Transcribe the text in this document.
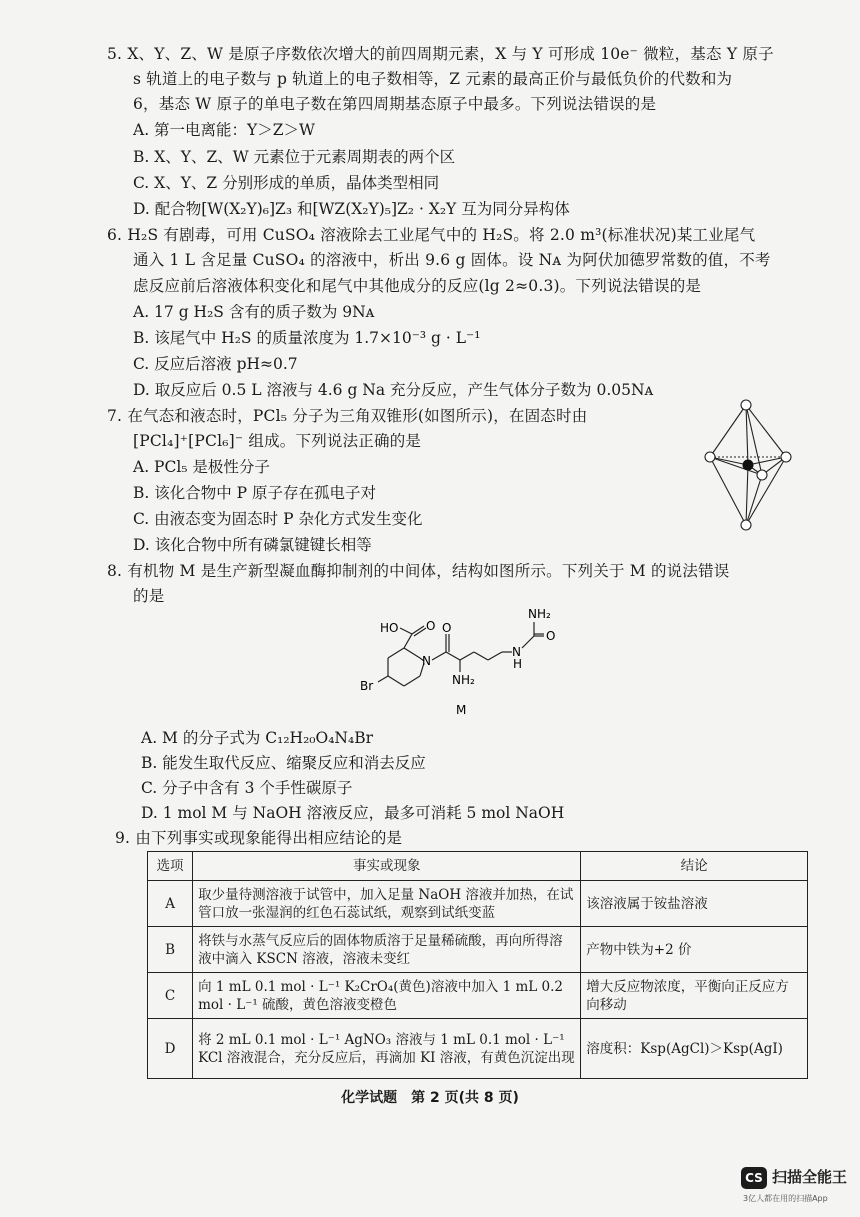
5. X、Y、Z、W 是原子序数依次增大的前四周期元素，X 与 Y 可形成 10e⁻ 微粒，基态 Y 原子
s 轨道上的电子数与 p 轨道上的电子数相等，Z 元素的最高正价与最低负价的代数和为
6，基态 W 原子的单电子数在第四周期基态原子中最多。下列说法错误的是
A. 第一电离能：Y＞Z＞W
B. X、Y、Z、W 元素位于元素周期表的两个区
C. X、Y、Z 分别形成的单质，晶体类型相同
D. 配合物[W(X₂Y)₆]Z₃ 和[WZ(X₂Y)₅]Z₂ · X₂Y 互为同分异构体
6. H₂S 有剧毒，可用 CuSO₄ 溶液除去工业尾气中的 H₂S。将 2.0 m³(标准状况)某工业尾气
通入 1 L 含足量 CuSO₄ 的溶液中，析出 9.6 g 固体。设 Nᴀ 为阿伏加德罗常数的值，不考
虑反应前后溶液体积变化和尾气中其他成分的反应(lg 2≈0.3)。下列说法错误的是
A. 17 g H₂S 含有的质子数为 9Nᴀ
B. 该尾气中 H₂S 的质量浓度为 1.7×10⁻³ g · L⁻¹
C. 反应后溶液 pH≈0.7
D. 取反应后 0.5 L 溶液与 4.6 g Na 充分反应，产生气体分子数为 0.05Nᴀ
7. 在气态和液态时，PCl₅ 分子为三角双锥形(如图所示)，在固态时由
[PCl₄]⁺[PCl₆]⁻ 组成。下列说法正确的是
A. PCl₅ 是极性分子
B. 该化合物中 P 原子存在孤电子对
C. 由液态变为固态时 P 杂化方式发生变化
D. 该化合物中所有磷氯键键长相等
8. 有机物 M 是生产新型凝血酶抑制剂的中间体，结构如图所示。下列关于 M 的说法错误
的是
HO O O
O
N
NH₂
N
H
NH₂
Br
M
A. M 的分子式为 C₁₂H₂₀O₄N₄Br
B. 能发生取代反应、缩聚反应和消去反应
C. 分子中含有 3 个手性碳原子
D. 1 mol M 与 NaOH 溶液反应，最多可消耗 5 mol NaOH
9. 由下列事实或现象能得出相应结论的是
选项	事实或现象	结论
A	取少量待测溶液于试管中，加入足量 NaOH 溶液并加热，在试管口放一张湿润的红色石蕊试纸，观察到试纸变蓝	该溶液属于铵盐溶液
B	将铁与水蒸气反应后的固体物质溶于足量稀硫酸，再向所得溶液中滴入 KSCN 溶液，溶液未变红	产物中铁为+2 价
C	向 1 mL 0.1 mol · L⁻¹ K₂CrO₄(黄色)溶液中加入 1 mL 0.2 mol · L⁻¹ 硫酸，黄色溶液变橙色	增大反应物浓度，平衡向正反应方向移动
D	将 2 mL 0.1 mol · L⁻¹ AgNO₃ 溶液与 1 mL 0.1 mol · L⁻¹ KCl 溶液混合，充分反应后，再滴加 KI 溶液，有黄色沉淀出现	溶度积：Ksp(AgCl)＞Ksp(AgI)
化学试题　第 2 页(共 8 页)
CS 扫描全能王
3亿人都在用的扫描App
